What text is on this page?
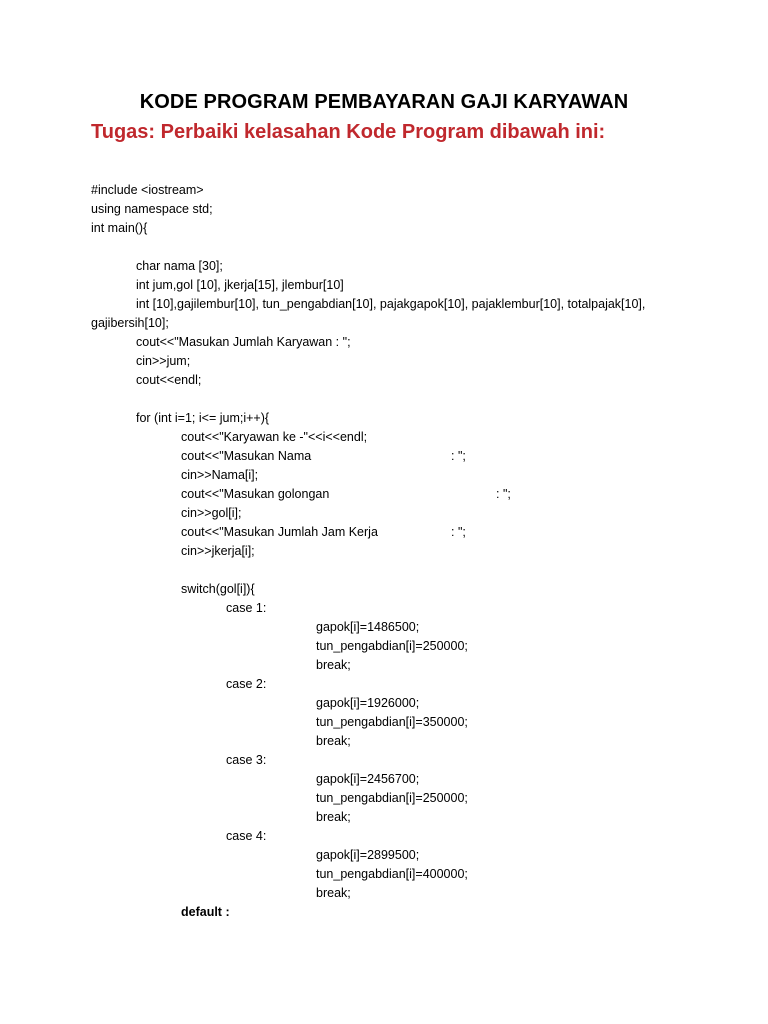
KODE PROGRAM PEMBAYARAN GAJI KARYAWAN
Tugas: Perbaiki kelasahan Kode Program dibawah ini:
#include <iostream>
using namespace std;
int main(){
char nama [30];
int jum,gol [10], jkerja[15], jlembur[10]
int [10],gajilembur[10], tun_pengabdian[10], pajakgapok[10], pajaklembur[10], totalpajak[10],
gajibersih[10];
cout<<"Masukan Jumlah Karyawan : ";
cin>>jum;
cout<<endl;
for (int i=1; i<= jum;i++){
cout<<"Karyawan ke -"<<i<<endl;
cout<<"Masukan Nama	: ";
cin>>Nama[i];
cout<<"Masukan golongan	: ";
cin>>gol[i];
cout<<"Masukan Jumlah Jam Kerja	: ";
cin>>jkerja[i];
switch(gol[i]){
case 1:
gapok[i]=1486500;
tun_pengabdian[i]=250000;
break;
case 2:
gapok[i]=1926000;
tun_pengabdian[i]=350000;
break;
case 3:
gapok[i]=2456700;
tun_pengabdian[i]=250000;
break;
case 4:
gapok[i]=2899500;
tun_pengabdian[i]=400000;
break;
default :
